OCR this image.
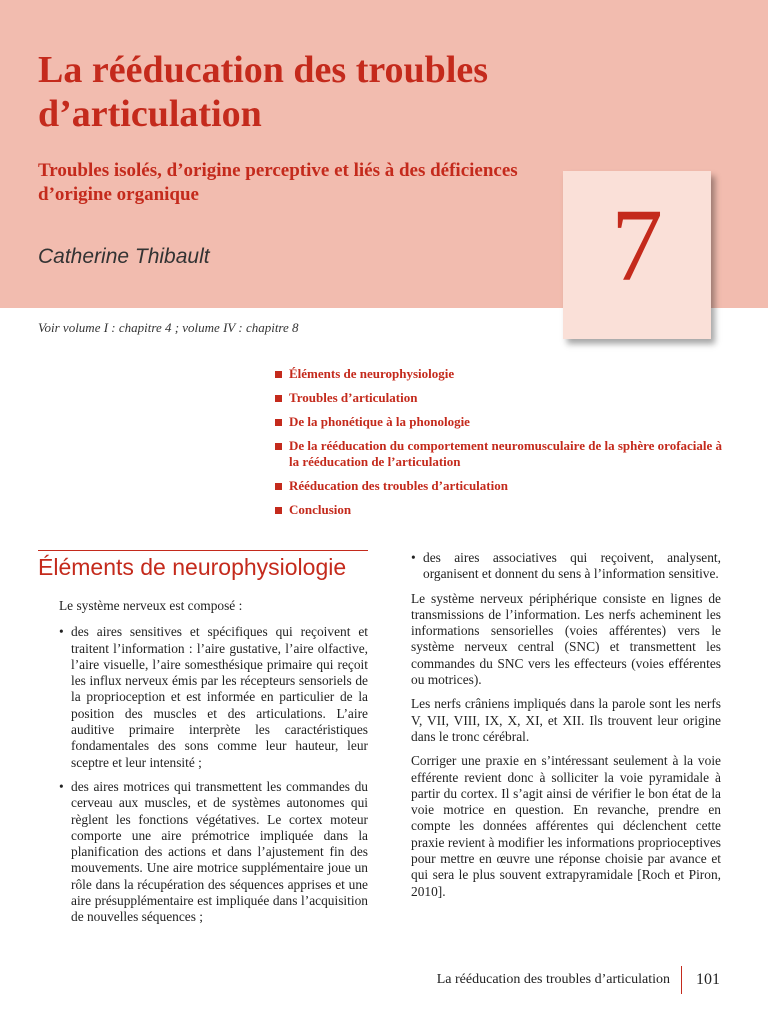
La rééducation des troubles d’articulation
Troubles isolés, d’origine perceptive et liés à des déficiences d’origine organique

Catherine Thibault	7

Voir volume I : chapitre 4 ; volume IV : chapitre 8

Éléments de neurophysiologie
Troubles d’articulation
De la phonétique à la phonologie
De la rééducation du comportement neuromusculaire de la sphère orofaciale à la rééducation de l’articulation
Rééducation des troubles d’articulation
Conclusion
Éléments de neurophysiologie

Le système nerveux est composé :

• des aires sensitives et spécifiques qui reçoivent et traitent l’information : l’aire gustative, l’aire olfactive, l’aire visuelle, l’aire somesthésique primaire qui reçoit les influx nerveux émis par les récepteurs sensoriels de la proprioception et est informée en particulier de la position des muscles et des articulations. L’aire auditive primaire interprète les caractéristiques fondamentales des sons comme leur hauteur, leur sceptre et leur intensité ;
• des aires motrices qui transmettent les commandes du cerveau aux muscles, et de systèmes autonomes qui règlent les fonctions végétatives. Le cortex moteur comporte une aire prémotrice impliquée dans la planification des actions et dans l’ajustement fin des mouvements. Une aire motrice supplémentaire joue un rôle dans la récupération des séquences apprises et une aire présupplémentaire est impliquée dans l’acquisition de nouvelles séquences ;
• des aires associatives qui reçoivent, analysent, organisent et donnent du sens à l’information sensitive.

Le système nerveux périphérique consiste en lignes de transmissions de l’information. Les nerfs acheminent les informations sensorielles (voies afférentes) vers le système nerveux central (SNC) et transmettent les commandes du SNC vers les effecteurs (voies efférentes ou motrices).

Les nerfs crâniens impliqués dans la parole sont les nerfs V, VII, VIII, IX, X, XI, et XII. Ils trouvent leur origine dans le tronc cérébral.

Corriger une praxie en s’intéressant seulement à la voie efférente revient donc à solliciter la voie pyramidale à partir du cortex. Il s’agit ainsi de vérifier le bon état de la voie motrice en question. En revanche, prendre en compte les données afférentes qui déclenchent cette praxie revient à modifier les informations proprioceptives pour mettre en œuvre une réponse choisie par avance et qui sera le plus souvent extrapyramidale [Roch et Piron, 2010].

La rééducation des troubles d’articulation 101
